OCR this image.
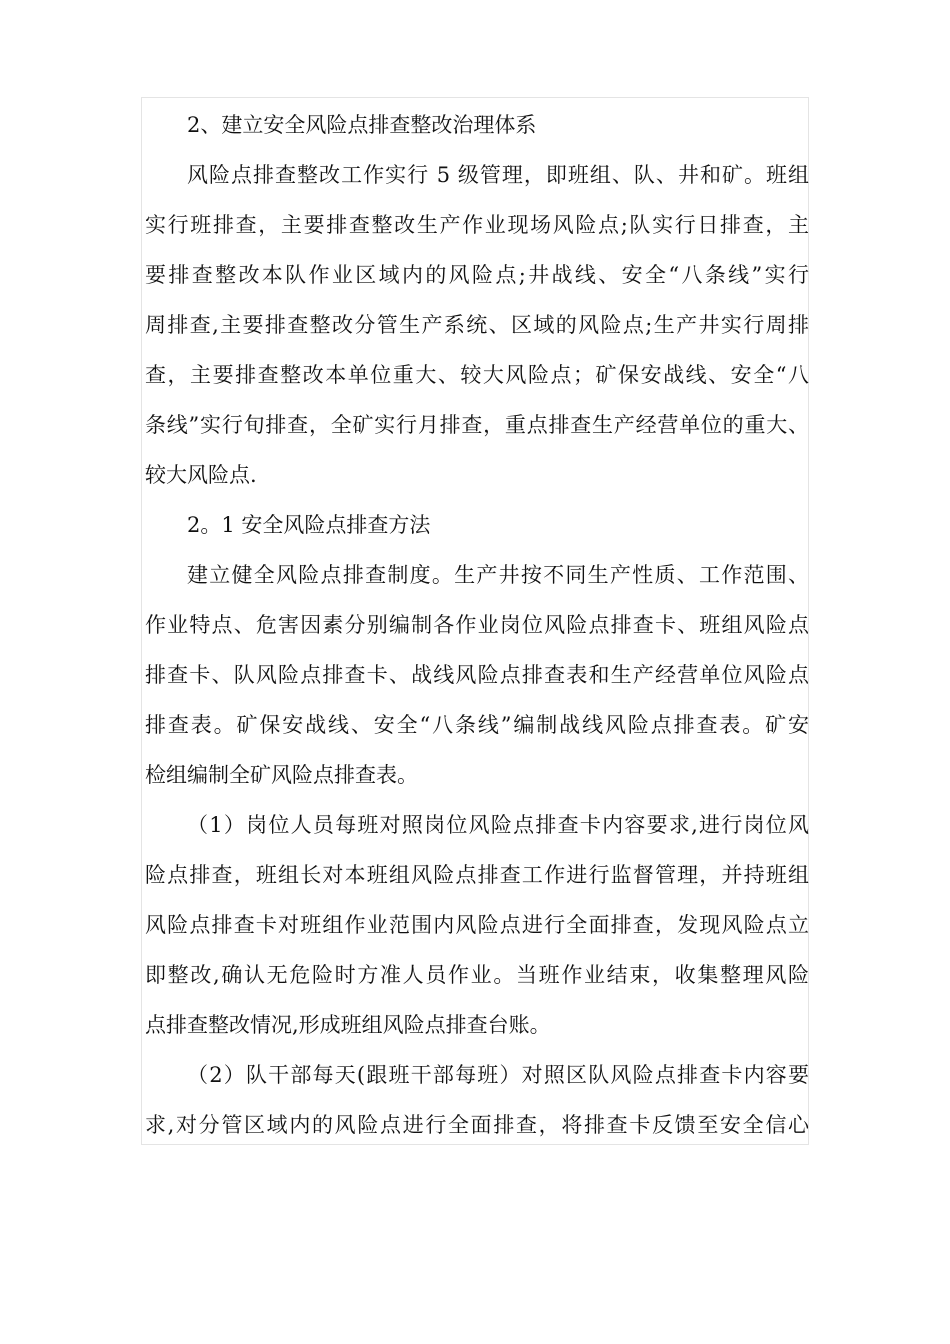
2、建立安全风险点排查整改治理体系
风险点排查整改工作实行 5 级管理，即班组、队、井和矿。班组
实行班排查，主要排查整改生产作业现场风险点;队实行日排查，主
要排查整改本队作业区域内的风险点;井战线、安全“八条线”实行
周排查,主要排查整改分管生产系统、区域的风险点;生产井实行周排
查，主要排查整改本单位重大、较大风险点；矿保安战线、安全“八
条线”实行旬排查，全矿实行月排查，重点排查生产经营单位的重大、
较大风险点.
2。1 安全风险点排查方法
建立健全风险点排查制度。生产井按不同生产性质、工作范围、
作业特点、危害因素分别编制各作业岗位风险点排查卡、班组风险点
排查卡、队风险点排查卡、战线风险点排查表和生产经营单位风险点
排查表。矿保安战线、安全“八条线”编制战线风险点排查表。矿安
检组编制全矿风险点排查表。
（1）岗位人员每班对照岗位风险点排查卡内容要求,进行岗位风
险点排查，班组长对本班组风险点排查工作进行监督管理，并持班组
风险点排查卡对班组作业范围内风险点进行全面排查，发现风险点立
即整改,确认无危险时方准人员作业。当班作业结束，收集整理风险
点排查整改情况,形成班组风险点排查台账。
（2）队干部每天(跟班干部每班）对照区队风险点排查卡内容要
求,对分管区域内的风险点进行全面排查，将排查卡反馈至安全信心
